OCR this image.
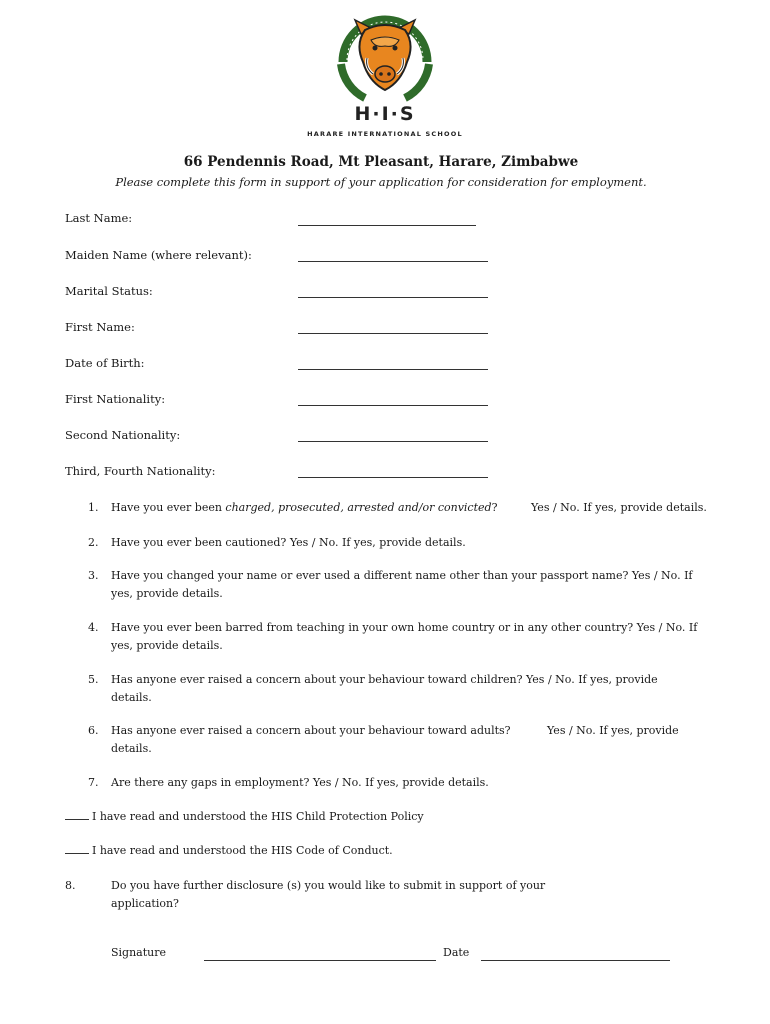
H·I·S
HARARE INTERNATIONAL SCHOOL
66 Pendennis Road, Mt Pleasant, Harare, Zimbabwe
Please complete this form in support of your application for consideration for employment.
Last Name:
Maiden Name (where relevant):
Marital Status:
First Name:
Date of Birth:
First Nationality:
Second Nationality:
Third, Fourth Nationality:
1. Have you ever been charged, prosecuted, arrested and/or convicted?	Yes / No. If yes, provide details.
2. Have you ever been cautioned? Yes / No. If yes, provide details.
3. Have you changed your name or ever used a different name other than your passport name? Yes / No. If
yes, provide details.
4. Have you ever been barred from teaching in your own home country or in any other country? Yes / No. If
yes, provide details.
5. Has anyone ever raised a concern about your behaviour toward children? Yes / No. If yes, provide
details.
6. Has anyone ever raised a concern about your behaviour toward adults?	Yes / No. If yes, provide
details.
7. Are there any gaps in employment? Yes / No. If yes, provide details.
I have read and understood the HIS Child Protection Policy
I have read and understood the HIS Code of Conduct.
8.	Do you have further disclosure (s) you would like to submit in support of your
application?
Signature	Date
